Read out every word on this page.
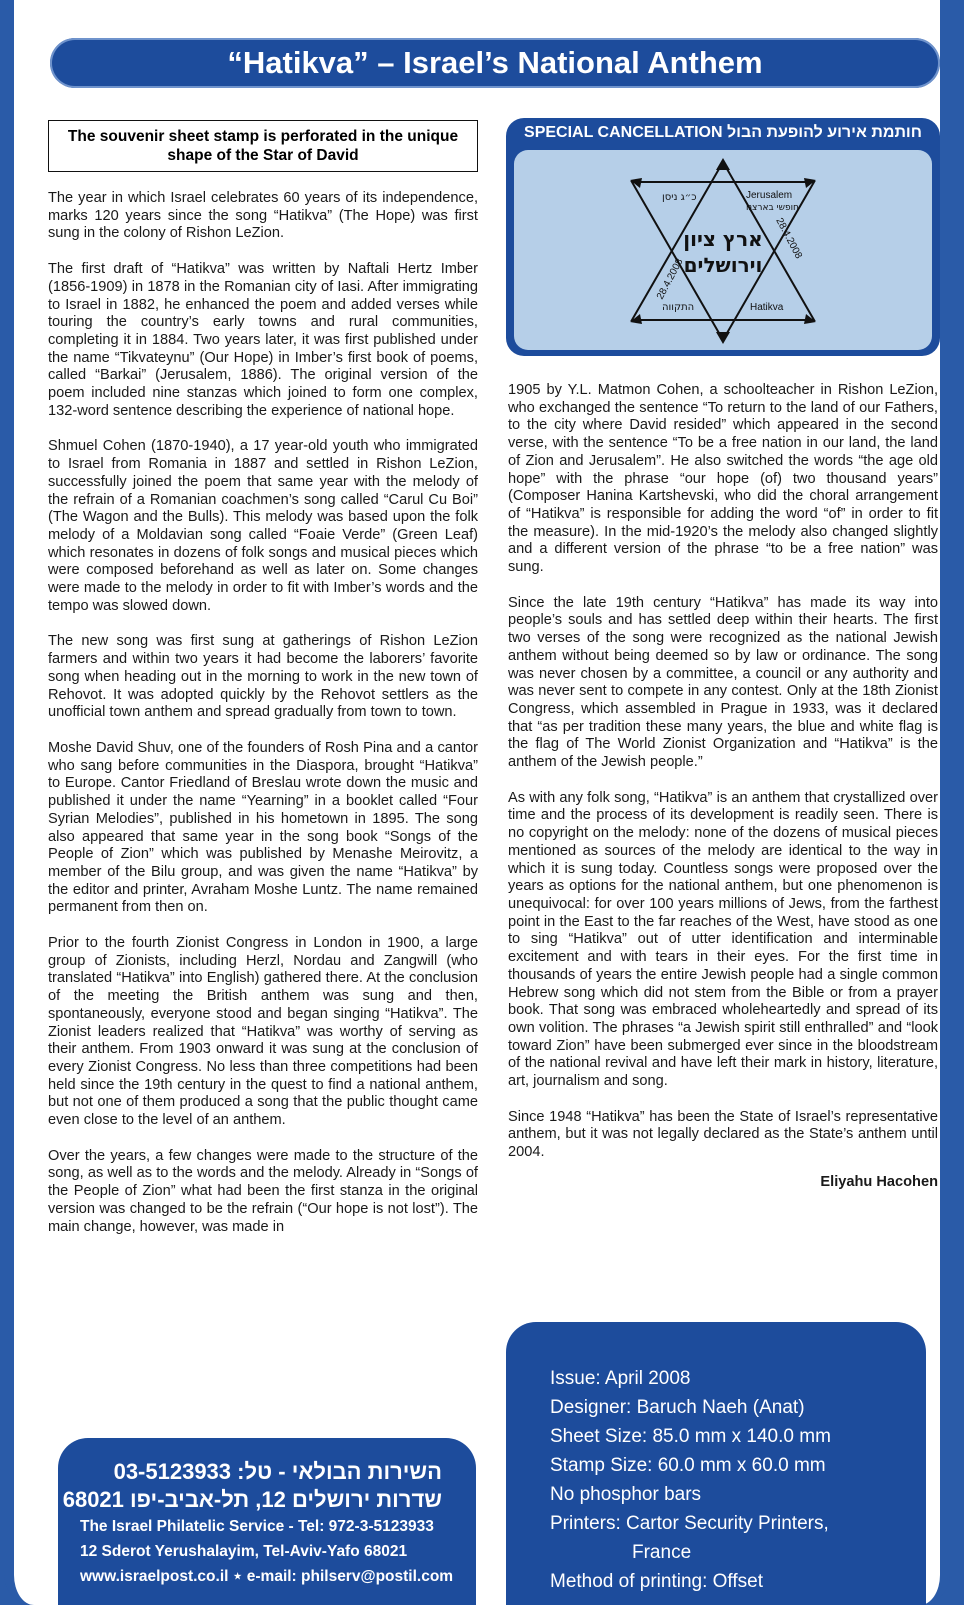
“Hatikva” – Israel’s National Anthem
The souvenir sheet stamp is perforated in the unique shape of the Star of David

The year in which Israel celebrates 60 years of its independence, marks 120 years since the song “Hatikva” (The Hope) was first sung in the colony of Rishon LeZion.

The first draft of “Hatikva” was written by Naftali Hertz Imber (1856-1909) in 1878 in the Romanian city of Iasi. After immigrating to Israel in 1882, he enhanced the poem and added verses while touring the country’s early towns and rural communities, completing it in 1884. Two years later, it was first published under the name “Tikvateynu” (Our Hope) in Imber’s first book of poems, called “Barkai” (Jerusalem, 1886). The original version of the poem included nine stanzas which joined to form one complex, 132-word sentence describing the experience of national hope.

Shmuel Cohen (1870-1940), a 17 year-old youth who immigrated to Israel from Romania in 1887 and settled in Rishon LeZion, successfully joined the poem that same year with the melody of the refrain of a Romanian coachmen’s song called “Carul Cu Boi” (The Wagon and the Bulls). This melody was based upon the folk melody of a Moldavian song called “Foaie Verde” (Green Leaf) which resonates in dozens of folk songs and musical pieces which were composed beforehand as well as later on. Some changes were made to the melody in order to fit with Imber’s words and the tempo was slowed down.

The new song was first sung at gatherings of Rishon LeZion farmers and within two years it had become the laborers’ favorite song when heading out in the morning to work in the new town of Rehovot. It was adopted quickly by the Rehovot settlers as the unofficial town anthem and spread gradually from town to town.

Moshe David Shuv, one of the founders of Rosh Pina and a cantor who sang before communities in the Diaspora, brought “Hatikva” to Europe. Cantor Friedland of Breslau wrote down the music and published it under the name “Yearning” in a booklet called “Four Syrian Melodies”, published in his hometown in 1895. The song also appeared that same year in the song book “Songs of the People of Zion” which was published by Menashe Meirovitz, a member of the Bilu group, and was given the name “Hatikva” by the editor and printer, Avraham Moshe Luntz. The name remained permanent from then on.

Prior to the fourth Zionist Congress in London in 1900, a large group of Zionists, including Herzl, Nordau and Zangwill (who translated “Hatikva” into English) gathered there. At the conclusion of the meeting the British anthem was sung and then, spontaneously, everyone stood and began singing “Hatikva”. The Zionist leaders realized that “Hatikva” was worthy of serving as their anthem. From 1903 onward it was sung at the conclusion of every Zionist Congress. No less than three competitions had been held since the 19th century in the quest to find a national anthem, but not one of them produced a song that the public thought came even close to the level of an anthem.

Over the years, a few changes were made to the structure of the song, as well as to the words and the melody. Already in “Songs of the People of Zion” what had been the first stanza in the original version was changed to be the refrain (“Our hope is not lost”). The main change, however, was made in

SPECIAL CANCELLATION חותמת אירוע להופעת הבול
ארץ ציון
וירושלים
Jerusalem
חופשי בארצנו
Hatikva
התקווה
כ״ג ניסן
28.4.2008
28.4.2008

1905 by Y.L. Matmon Cohen, a schoolteacher in Rishon LeZion, who exchanged the sentence “To return to the land of our Fathers, to the city where David resided” which appeared in the second verse, with the sentence “To be a free nation in our land, the land of Zion and Jerusalem”. He also switched the words “the age old hope” with the phrase “our hope (of) two thousand years” (Composer Hanina Kartshevski, who did the choral arrangement of “Hatikva” is responsible for adding the word “of” in order to fit the measure). In the mid-1920’s the melody also changed slightly and a different version of the phrase “to be a free nation” was sung.

Since the late 19th century “Hatikva” has made its way into people’s souls and has settled deep within their hearts. The first two verses of the song were recognized as the national Jewish anthem without being deemed so by law or ordinance. The song was never chosen by a committee, a council or any authority and was never sent to compete in any contest. Only at the 18th Zionist Congress, which assembled in Prague in 1933, was it declared that “as per tradition these many years, the blue and white flag is the flag of The World Zionist Organization and “Hatikva” is the anthem of the Jewish people.”

As with any folk song, “Hatikva” is an anthem that crystallized over time and the process of its development is readily seen. There is no copyright on the melody: none of the dozens of musical pieces mentioned as sources of the melody are identical to the way in which it is sung today. Countless songs were proposed over the years as options for the national anthem, but one phenomenon is unequivocal: for over 100 years millions of Jews, from the farthest point in the East to the far reaches of the West, have stood as one to sing “Hatikva” out of utter identification and interminable excitement and with tears in their eyes. For the first time in thousands of years the entire Jewish people had a single common Hebrew song which did not stem from the Bible or from a prayer book. That song was embraced wholeheartedly and spread of its own volition. The phrases “a Jewish spirit still enthralled” and “look toward Zion” have been submerged ever since in the bloodstream of the national revival and have left their mark in history, literature, art, journalism and song.

Since 1948 “Hatikva” has been the State of Israel’s representative anthem, but it was not legally declared as the State’s anthem until 2004.

Eliyahu Hacohen
השירות הבולאי - טל: 03-5123933
שדרות ירושלים 12, תל-אביב-יפו 68021
The Israel Philatelic Service - Tel: 972-3-5123933
12 Sderot Yerushalayim, Tel-Aviv-Yafo 68021
www.israelpost.co.il ⋆ e-mail: philserv@postil.com
Issue: April 2008
Designer: Baruch Naeh (Anat)
Sheet Size: 85.0 mm x 140.0 mm
Stamp Size: 60.0 mm x 60.0 mm
No phosphor bars
Printers: Cartor Security Printers,
France
Method of printing: Offset
